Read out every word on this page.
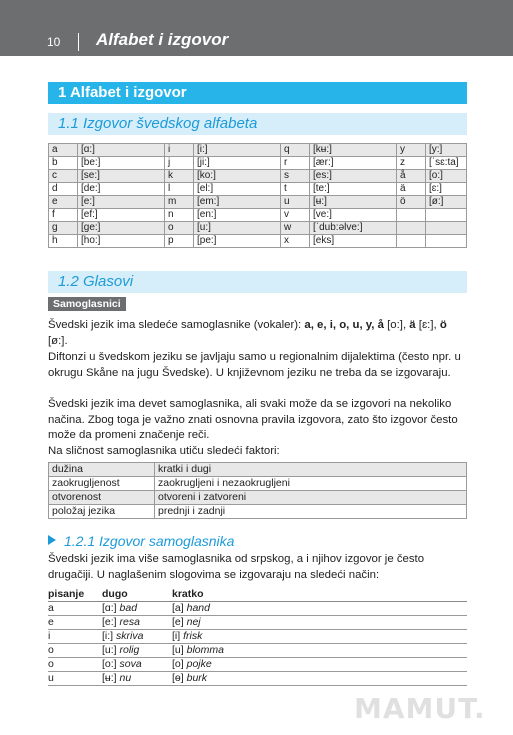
10 Alfabet i izgovor
1 Alfabet i izgovor
1.1 Izgovor švedskog alfabeta
a	[ɑ:]	i	[i:]	q	[kʉ:]	y	[y:]
b	[be:]	j	[ji:]	r	[ær:]	z	[ˈsɛ:ta]
c	[se:]	k	[ko:]	s	[es:]	å	[o:]
d	[de:]	l	[el:]	t	[te:]	ä	[ɛ:]
e	[e:]	m	[em:]	u	[ʉ:]	ö	[ø:]
f	[ef:]	n	[en:]	v	[ve:]		
g	[ge:]	o	[u:]	w	[ˈdub:əlve:]		
h	[ho:]	p	[pe:]	x	[eks]		
1.2 Glasovi
Samoglasnici

Švedski jezik ima sledeće samoglasnike (vokaler): a, e, i, o, u, y, å [o:], ä [ɛ:], ö [ø:].

Diftonzi u švedskom jeziku se javljaju samo u regionalnim dijalektima (često npr. u okrugu Skåne na jugu Švedske). U književnom jeziku ne treba da se izgovaraju.

Švedski jezik ima devet samoglasnika, ali svaki može da se izgovori na nekoliko načina. Zbog toga je važno znati osnovna pravila izgovora, zato što izgovor često može da promeni značenje reči.

Na sličnost samoglasnika utiču sledeći faktori:

dužina	kratki i dugi
zaokrugljenost	zaokrugljeni i nezaokrugljeni
otvorenost	otvoreni i zatvoreni
položaj jezika	prednji i zadnji
1.2.1 Izgovor samoglasnika

Švedski jezik ima više samoglasnika od srpskog, a i njihov izgovor je često drugačiji. U naglašenim slogovima se izgovaraju na sledeći način:

pisanje	dugo	kratko
a	[ɑ:] bad	[a] hand
e	[e:] resa	[e] nej
i	[i:] skriva	[i] frisk
o	[u:] rolig	[u] blomma
o	[o:] sova	[o] pojke
u	[ʉ:] nu	[ɵ] burk
MAMUT.
